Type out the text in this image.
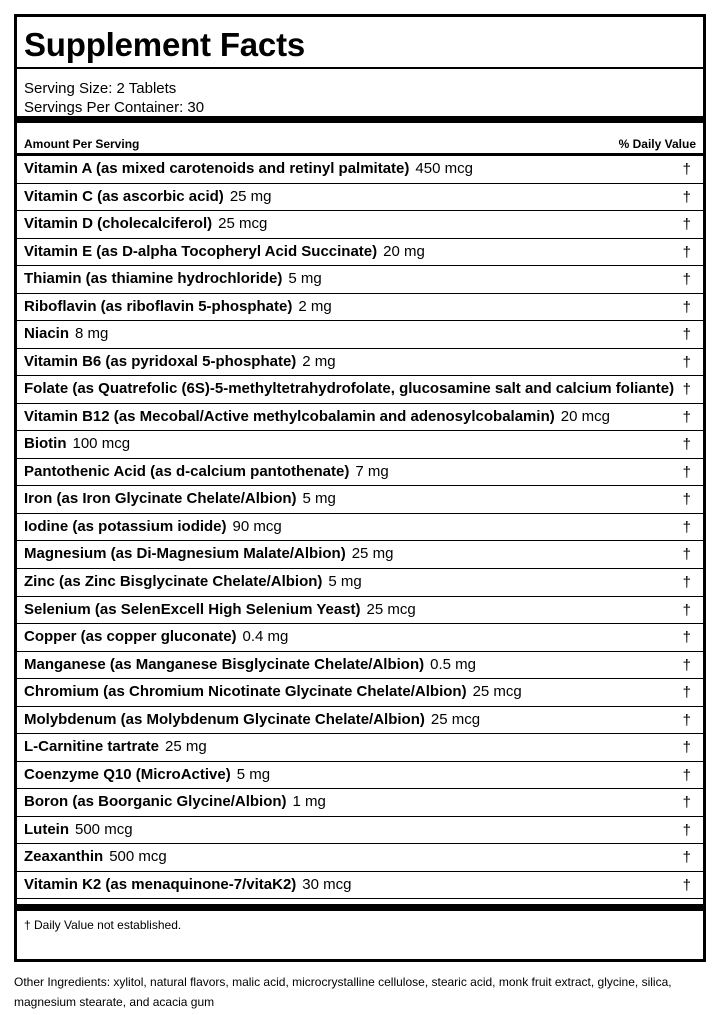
Supplement Facts
Serving Size: 2 Tablets
Servings Per Container: 30
Amount Per Serving	% Daily Value
Vitamin A (as mixed carotenoids and retinyl palmitate) 450 mcg	†
Vitamin C (as ascorbic acid) 25 mg	†
Vitamin D (cholecalciferol) 25 mcg	†
Vitamin E (as D-alpha Tocopheryl Acid Succinate) 20 mg	†
Thiamin (as thiamine hydrochloride) 5 mg	†
Riboflavin (as riboflavin 5-phosphate) 2 mg	†
Niacin 8 mg	†
Vitamin B6 (as pyridoxal 5-phosphate) 2 mg	†
Folate (as Quatrefolic (6S)-5-methyltetrahydrofolate, glucosamine salt and calcium foliante) †
Vitamin B12 (as Mecobal/Active methylcobalamin and adenosylcobalamin) 20 mcg	†
Biotin 100 mcg	†
Pantothenic Acid (as d-calcium pantothenate) 7 mg	†
Iron (as Iron Glycinate Chelate/Albion) 5 mg	†
Iodine (as potassium iodide) 90 mcg	†
Magnesium (as Di-Magnesium Malate/Albion) 25 mg	†
Zinc (as Zinc Bisglycinate Chelate/Albion) 5 mg	†
Selenium (as SelenExcell High Selenium Yeast) 25 mcg	†
Copper (as copper gluconate) 0.4 mg	†
Manganese (as Manganese Bisglycinate Chelate/Albion) 0.5 mg	†
Chromium (as Chromium Nicotinate Glycinate Chelate/Albion) 25 mcg	†
Molybdenum (as Molybdenum Glycinate Chelate/Albion) 25 mcg	†
L-Carnitine tartrate 25 mg	†
Coenzyme Q10 (MicroActive) 5 mg	†
Boron (as Boorganic Glycine/Albion) 1 mg	†
Lutein 500 mcg	†
Zeaxanthin 500 mcg	†
Vitamin K2 (as menaquinone-7/vitaK2) 30 mcg	†
† Daily Value not established.
Other Ingredients: xylitol, natural flavors, malic acid, microcrystalline cellulose, stearic acid, monk fruit extract, glycine, silica, magnesium stearate, and acacia gum
